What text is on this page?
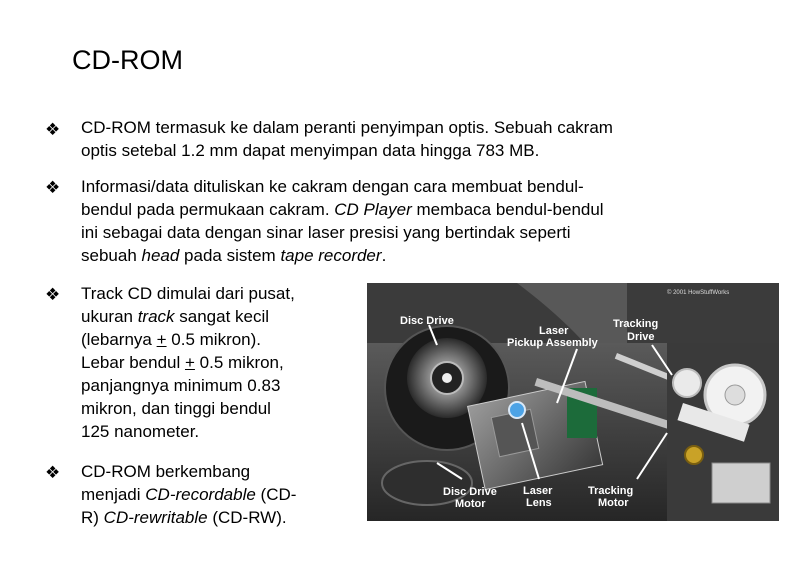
CD-ROM
❖ CD-ROM termasuk ke dalam peranti penyimpan optis. Sebuah cakram
optis setebal 1.2 mm dapat menyimpan data hingga 783 MB.
❖ Informasi/data dituliskan ke cakram dengan cara membuat bendul-
bendul pada permukaan cakram. CD Player membaca bendul-bendul
ini sebagai data dengan sinar laser presisi yang bertindak seperti
sebuah head pada sistem tape recorder.
❖ Track CD dimulai dari pusat,
ukuran track sangat kecil
(lebarnya + 0.5 mikron).
Lebar bendul + 0.5 mikron,
panjangnya minimum 0.83
mikron, dan tinggi bendul
125 nanometer.
❖ CD-ROM berkembang
menjadi CD-recordable (CD-
R) CD-rewritable (CD-RW).
© 2001 HowStuffWorks
Disc Drive
Laser
Pickup Assembly
Tracking
Drive
Disc Drive
Motor
Laser
Lens
Tracking
Motor
